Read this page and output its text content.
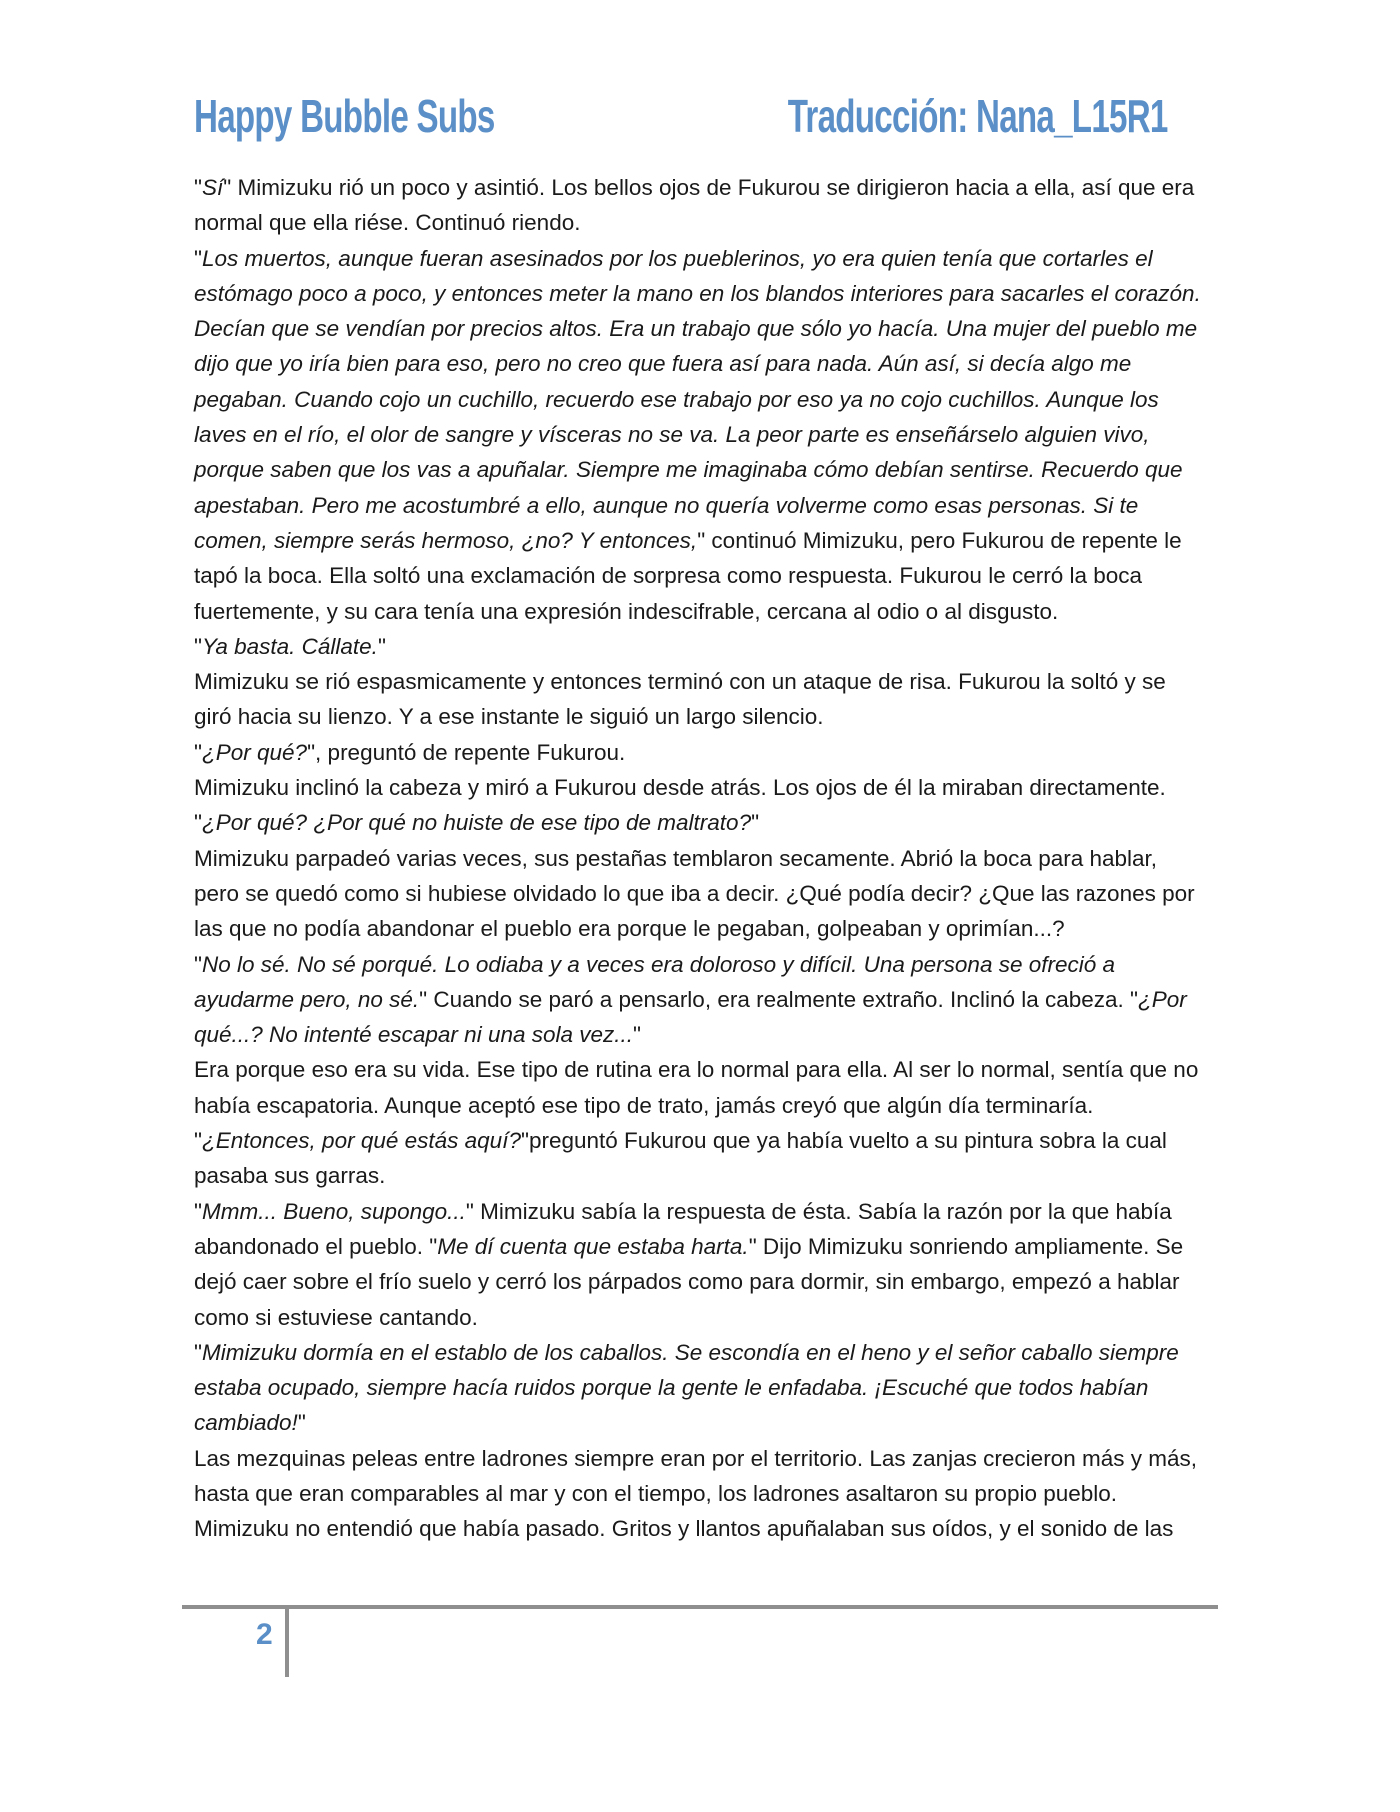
Happy Bubble Subs	Traducción: Nana_L15R1

"Sí" Mimizuku rió un poco y asintió. Los bellos ojos de Fukurou se dirigieron hacia a ella, así que era normal que ella riése. Continuó riendo.

"Los muertos, aunque fueran asesinados por los pueblerinos, yo era quien tenía que cortarles el estómago poco a poco, y entonces meter la mano en los blandos interiores para sacarles el corazón. Decían que se vendían por precios altos. Era un trabajo que sólo yo hacía. Una mujer del pueblo me dijo que yo iría bien para eso, pero no creo que fuera así para nada. Aún así, si decía algo me pegaban. Cuando cojo un cuchillo, recuerdo ese trabajo por eso ya no cojo cuchillos. Aunque los laves en el río, el olor de sangre y vísceras no se va. La peor parte es enseñárselo alguien vivo, porque saben que los vas a apuñalar. Siempre me imaginaba cómo debían sentirse. Recuerdo que apestaban. Pero me acostumbré a ello, aunque no quería volverme como esas personas. Si te comen, siempre serás hermoso, ¿no? Y entonces," continuó Mimizuku, pero Fukurou de repente le tapó la boca. Ella soltó una exclamación de sorpresa como respuesta. Fukurou le cerró la boca fuertemente, y su cara tenía una expresión indescifrable, cercana al odio o al disgusto.

"Ya basta. Cállate."

Mimizuku se rió espasmicamente y entonces terminó con un ataque de risa. Fukurou la soltó y se giró hacia su lienzo. Y a ese instante le siguió un largo silencio.

"¿Por qué?", preguntó de repente Fukurou.

Mimizuku inclinó la cabeza y miró a Fukurou desde atrás. Los ojos de él la miraban directamente.

"¿Por qué? ¿Por qué no huiste de ese tipo de maltrato?"

Mimizuku parpadeó varias veces, sus pestañas temblaron secamente. Abrió la boca para hablar, pero se quedó como si hubiese olvidado lo que iba a decir. ¿Qué podía decir? ¿Que las razones por las que no podía abandonar el pueblo era porque le pegaban, golpeaban y oprimían...?

"No lo sé. No sé porqué. Lo odiaba y a veces era doloroso y difícil. Una persona se ofreció a ayudarme pero, no sé." Cuando se paró a pensarlo, era realmente extraño. Inclinó la cabeza. "¿Por qué...? No intenté escapar ni una sola vez..."

Era porque eso era su vida. Ese tipo de rutina era lo normal para ella. Al ser lo normal, sentía que no había escapatoria. Aunque aceptó ese tipo de trato, jamás creyó que algún día terminaría.

"¿Entonces, por qué estás aquí?"preguntó Fukurou que ya había vuelto a su pintura sobra la cual pasaba sus garras.

"Mmm... Bueno, supongo..." Mimizuku sabía la respuesta de ésta. Sabía la razón por la que había abandonado el pueblo. "Me dí cuenta que estaba harta." Dijo Mimizuku sonriendo ampliamente. Se dejó caer sobre el frío suelo y cerró los párpados como para dormir, sin embargo, empezó a hablar como si estuviese cantando.

"Mimizuku dormía en el establo de los caballos. Se escondía en el heno y el señor caballo siempre estaba ocupado, siempre hacía ruidos porque la gente le enfadaba. ¡Escuché que todos habían cambiado!"

Las mezquinas peleas entre ladrones siempre eran por el territorio. Las zanjas crecieron más y más, hasta que eran comparables al mar y con el tiempo, los ladrones asaltaron su propio pueblo. Mimizuku no entendió que había pasado. Gritos y llantos apuñalaban sus oídos, y el sonido de las

2
